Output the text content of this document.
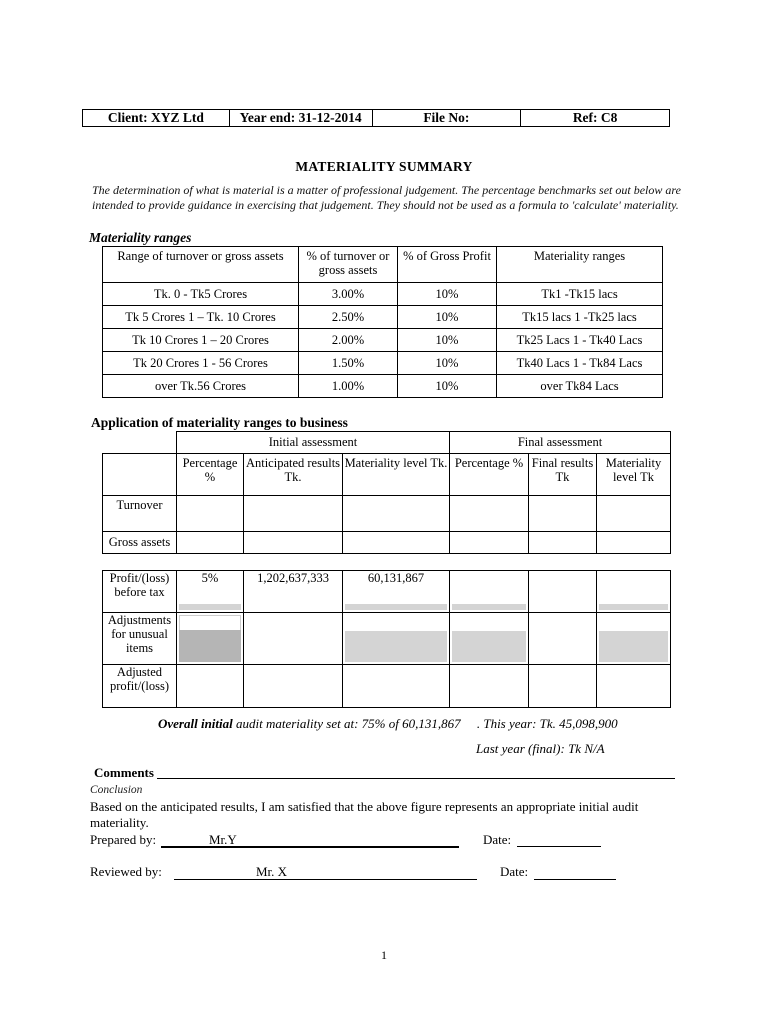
Client: XYZ Ltd	Year end: 31-12-2014	File No:	Ref: C8
MATERIALITY SUMMARY
The determination of what is material is a matter of professional judgement. The percentage benchmarks set out below are intended to provide guidance in exercising that judgement. They should not be used as a formula to 'calculate' materiality.
Materiality ranges
Range of turnover or gross assets	% of turnover or gross assets	% of Gross Profit	Materiality ranges
Tk. 0 - Tk5 Crores	3.00%	10%	Tk1 -Tk15 lacs
Tk 5 Crores 1 – Tk. 10 Crores	2.50%	10%	Tk15 lacs 1 -Tk25 lacs
Tk 10 Crores 1 – 20 Crores	2.00%	10%	Tk25 Lacs 1 - Tk40 Lacs
Tk 20 Crores 1 - 56 Crores	1.50%	10%	Tk40 Lacs 1 - Tk84 Lacs
over Tk.56 Crores	1.00%	10%	over Tk84 Lacs
Application of materiality ranges to business
	Initial assessment			Final assessment		
	Percentage %	Anticipated results Tk.	Materiality level Tk.	Percentage %	Final results Tk	Materiality level Tk
Turnover						
Gross assets						
Profit/(loss) before tax	5%	1,202,637,333	60,131,867

Adjustments for unusual items	

Adjusted profit/(loss)						
Overall initial audit materiality set at: 75% of 60,131,867     . This year: Tk. 45,098,900
Last year (final): Tk N/A
Comments
Conclusion
Based on the anticipated results, I am satisfied that the above figure represents an appropriate initial audit materiality.
Prepared by:	Mr.Y	Date:
Reviewed by:	Mr. X	Date:
1
